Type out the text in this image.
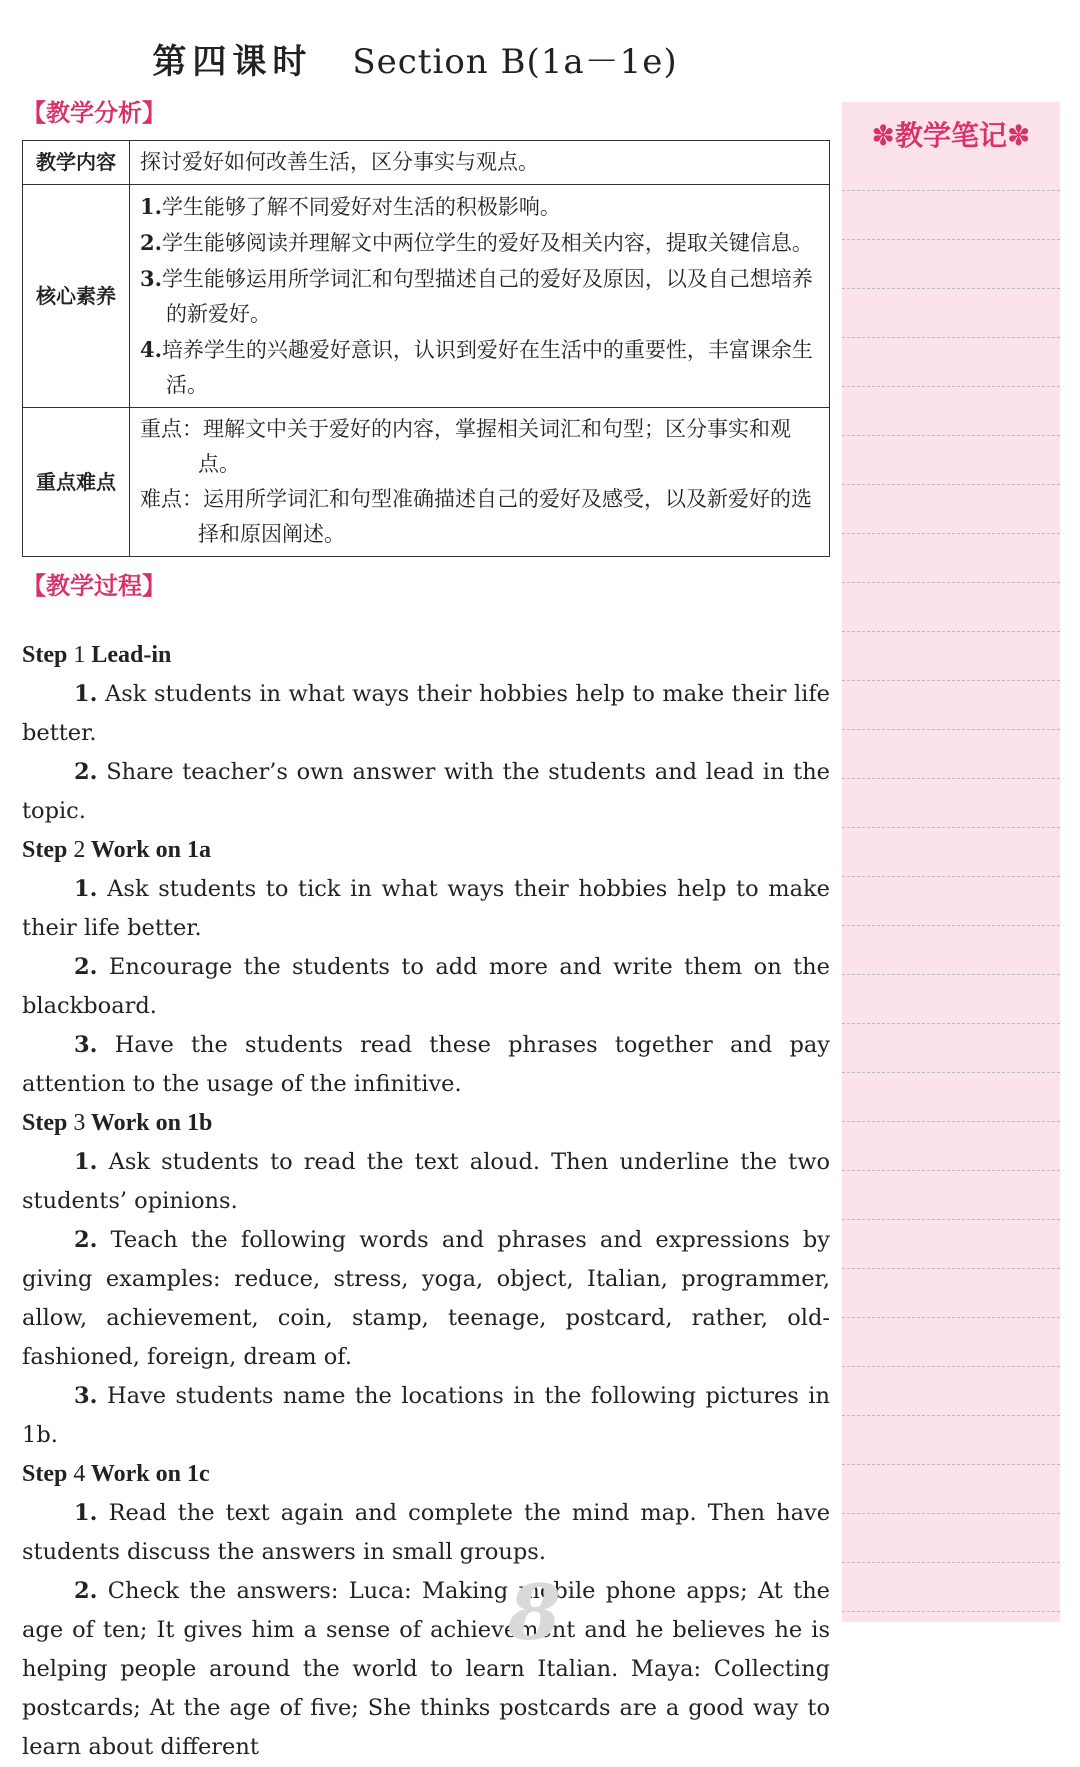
第四课时 Section B(1a－1e)
【教学分析】
教学内容	探讨爱好如何改善生活，区分事实与观点。
核心素养	1.学生能够了解不同爱好对生活的积极影响。
2.学生能够阅读并理解文中两位学生的爱好及相关内容，提取关键信息。
3.学生能够运用所学词汇和句型描述自己的爱好及原因，以及自己想培养的新爱好。
4.培养学生的兴趣爱好意识，认识到爱好在生活中的重要性，丰富课余生活。

重点难点	重点：理解文中关于爱好的内容，掌握相关词汇和句型；区分事实和观点。
难点：运用所学词汇和句型准确描述自己的爱好及感受，以及新爱好的选择和原因阐述。
【教学过程】
Step 1 Lead-in
1. Ask students in what ways their hobbies help to make their life better.
2. Share teacher’s own answer with the students and lead in the topic.
Step 2 Work on 1a
1. Ask students to tick in what ways their hobbies help to make their life better.
2. Encourage the students to add more and write them on the blackboard.
3. Have the students read these phrases together and pay attention to the usage of the infinitive.
Step 3 Work on 1b
1. Ask students to read the text aloud. Then underline the two students’ opinions.
2. Teach the following words and phrases and expressions by giving examples: reduce, stress, yoga, object, Italian, programmer, allow, achievement, coin, stamp, teenage, postcard, rather, old-fashioned, foreign, dream of.
3. Have students name the locations in the following pictures in 1b.
Step 4 Work on 1c
1. Read the text again and complete the mind map. Then have students discuss the answers in small groups.
2. Check the answers: Luca: Making mobile phone apps; At the age of ten; It gives him a sense of achievement and he believes he is helping people around the world to learn Italian. Maya: Collecting postcards; At the age of five; She thinks postcards are a good way to learn about different
✽教学笔记✽
8
